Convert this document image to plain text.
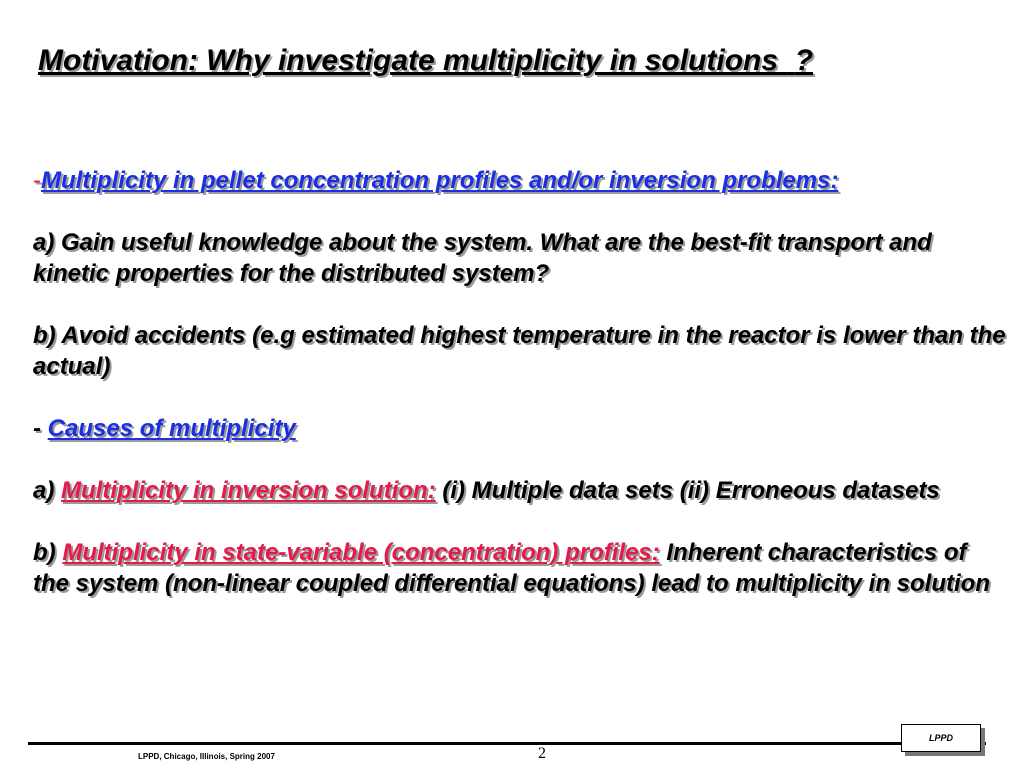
Motivation: Why investigate multiplicity in solutions ?

-Multiplicity in pellet concentration profiles and/or inversion problems:

a) Gain useful knowledge about the system. What are the best-fit transport and kinetic properties for the distributed system?

b) Avoid accidents (e.g estimated highest temperature in the reactor is lower than the actual)

- Causes of multiplicity

a) Multiplicity in inversion solution: (i) Multiple data sets (ii) Erroneous datasets

b) Multiplicity in state-variable (concentration) profiles: Inherent characteristics of the system (non-linear coupled differential equations) lead to multiplicity in solution

LPPD, Chicago, Illinois, Spring 2007	2
LPPD
